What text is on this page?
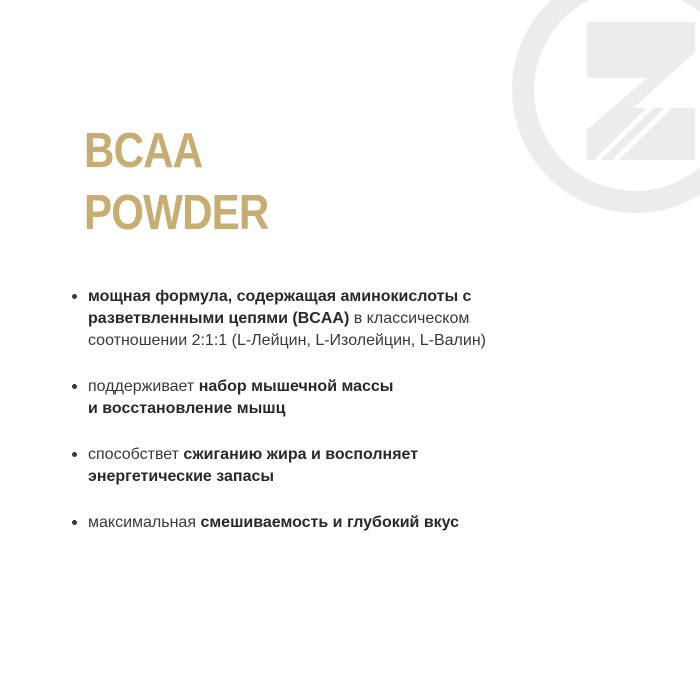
BCAA
POWDER
мощная формула, содержащая аминокислоты с
разветвленными цепями (BCAA) в классическом
соотношении 2:1:1 (L-Лейцин, L-Изолейцин, L-Валин)
поддерживает набор мышечной массы
и восстановление мышц
способствет сжиганию жира и восполняет
энергетические запасы
максимальная смешиваемость и глубокий вкус
